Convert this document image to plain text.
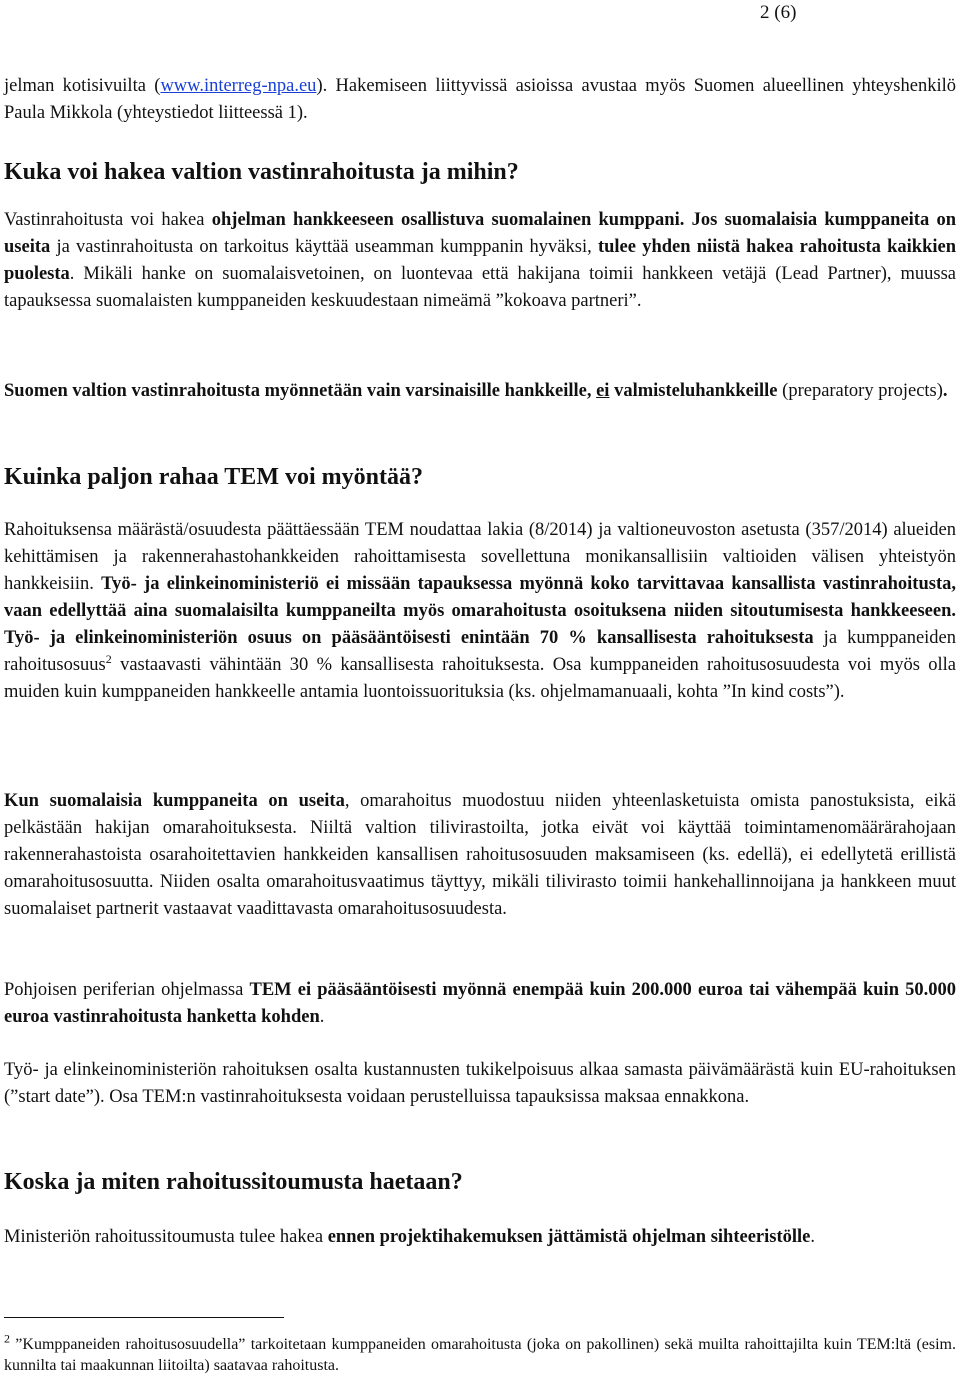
2 (6)
jelman kotisivuilta (www.interreg-npa.eu). Hakemiseen liittyvissä asioissa avustaa myös Suomen alueellinen yhteyshenkilö Paula Mikkola (yhteystiedot liitteessä 1).
Kuka voi hakea valtion vastinrahoitusta ja mihin?
Vastinrahoitusta voi hakea ohjelman hankkeeseen osallistuva suomalainen kumppani. Jos suomalaisia kumppaneita on useita ja vastinrahoitusta on tarkoitus käyttää useamman kumppanin hyväksi, tulee yhden niistä hakea rahoitusta kaikkien puolesta. Mikäli hanke on suomalaisvetoinen, on luontevaa että hakijana toimii hankkeen vetäjä (Lead Partner), muussa tapauksessa suomalaisten kumppaneiden keskuudestaan nimeämä ”kokoava partneri”.
Suomen valtion vastinrahoitusta myönnetään vain varsinaisille hankkeille, ei valmisteluhankkeille (preparatory projects).
Kuinka paljon rahaa TEM voi myöntää?
Rahoituksensa määrästä/osuudesta päättäessään TEM noudattaa lakia (8/2014) ja valtioneuvoston asetusta (357/2014) alueiden kehittämisen ja rakennerahastohankkeiden rahoittamisesta sovellettuna monikansallisiin valtioiden välisen yhteistyön hankkeisiin. Työ- ja elinkeinoministeriö ei missään tapauksessa myönnä koko tarvittavaa kansallista vastinrahoitusta, vaan edellyttää aina suomalaisilta kumppaneilta myös omarahoitusta osoituksena niiden sitoutumisesta hankkeeseen. Työ- ja elinkeinoministeriön osuus on pääsääntöisesti enintään 70 % kansallisesta rahoituksesta ja kumppaneiden rahoitusosuus$^2$ vastaavasti vähintään 30 % kansallisesta rahoituksesta. Osa kumppaneiden rahoitusosuudesta voi myös olla muiden kuin kumppaneiden hankkeelle antamia luontoissuorituksia (ks. ohjelmamanuaali, kohta ”In kind costs”).
Kun suomalaisia kumppaneita on useita, omarahoitus muodostuu niiden yhteenlasketuista omista panostuksista, eikä pelkästään hakijan omarahoituksesta. Niiltä valtion tilivirastoilta, jotka eivät voi käyttää toimintamenomäärärahojaan rakennerahastoista osarahoitettavien hankkeiden kansallisen rahoitusosuuden maksamiseen (ks. edellä), ei edellytetä erillistä omarahoitusosuutta. Niiden osalta omarahoitusvaatimus täyttyy, mikäli tilivirasto toimii hankehallinnoijana ja hankkeen muut suomalaiset partnerit vastaavat vaadittavasta omarahoitusosuudesta.
Pohjoisen periferian ohjelmassa TEM ei pääsääntöisesti myönnä enempää kuin 200.000 euroa tai vähempää kuin 50.000 euroa vastinrahoitusta hanketta kohden.
Työ- ja elinkeinoministeriön rahoituksen osalta kustannusten tukikelpoisuus alkaa samasta päivämäärästä kuin EU-rahoituksen (”start date”). Osa TEM:n vastinrahoituksesta voidaan perustelluissa tapauksissa maksaa ennakkona.
Koska ja miten rahoitussitoumusta haetaan?
Ministeriön rahoitussitoumusta tulee hakea ennen projektihakemuksen jättämistä ohjelman sihteeristölle.
$^2$ ”Kumppaneiden rahoitusosuudella” tarkoitetaan kumppaneiden omarahoitusta (joka on pakollinen) sekä muilta rahoittajilta kuin TEM:ltä (esim. kunnilta tai maakunnan liitoilta) saatavaa rahoitusta.
